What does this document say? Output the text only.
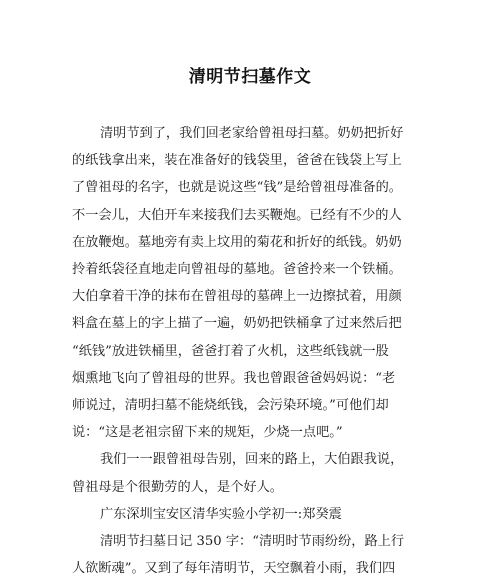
清明节扫墓作文

清明节到了，我们回老家给曾祖母扫墓。奶奶把折好
的纸钱拿出来，装在准备好的钱袋里，爸爸在钱袋上写上
了曾祖母的名字，也就是说这些“钱”是给曾祖母准备的。
不一会儿，大伯开车来接我们去买鞭炮。已经有不少的人
在放鞭炮。墓地旁有卖上坟用的菊花和折好的纸钱。奶奶
拎着纸袋径直地走向曾祖母的墓地。爸爸拎来一个铁桶。
大伯拿着干净的抹布在曾祖母的墓碑上一边擦拭着，用颜
料盒在墓上的字上描了一遍，奶奶把铁桶拿了过来然后把
“纸钱”放进铁桶里，爸爸打着了火机，这些纸钱就一股
烟熏地飞向了曾祖母的世界。我也曾跟爸爸妈妈说：“老
师说过，清明扫墓不能烧纸钱，会污染环境。”可他们却
说：“这是老祖宗留下来的规矩，少烧一点吧。”

我们一一跟曾祖母告别，回来的路上，大伯跟我说，
曾祖母是个很勤劳的人，是个好人。

广东深圳宝安区清华实验小学初一:郑癸震

清明节扫墓日记 350 字：“清明时节雨纷纷，路上行
人欲断魂”。又到了每年清明节，天空飘着小雨，我们四
